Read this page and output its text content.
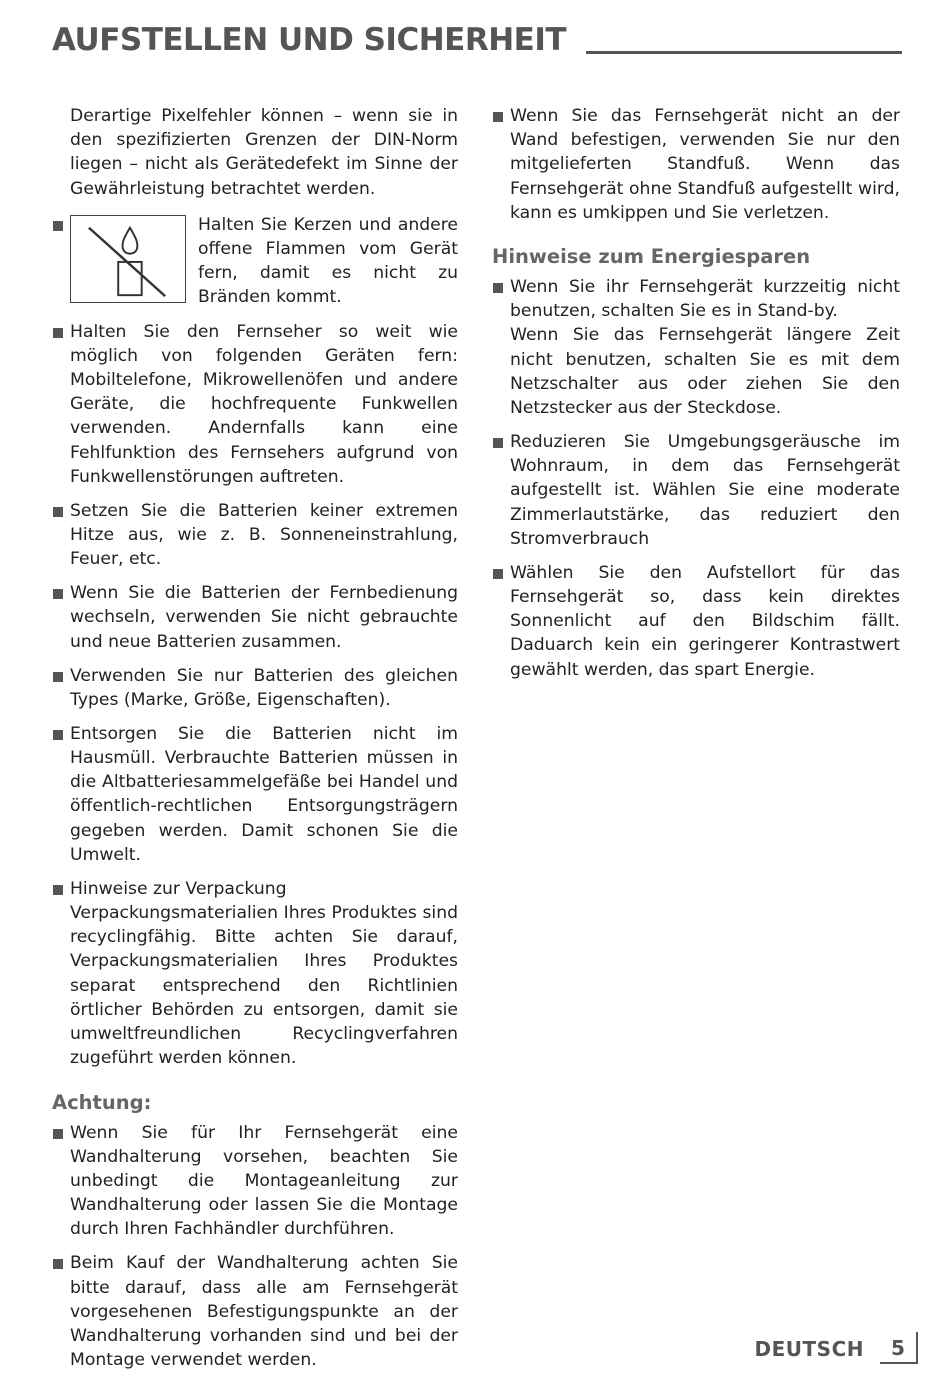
AUFSTELLEN UND SICHERHEIT

Derartige Pixelfehler können – wenn sie in den spezifizierten Grenzen der DIN-Norm liegen – nicht als Gerätedefekt im Sinne der Gewährleistung betrachtet werden.

Halten Sie Kerzen und andere offene Flammen vom Gerät fern, damit es nicht zu Bränden kommt.
Halten Sie den Fernseher so weit wie möglich von folgenden Geräten fern: Mobiltelefone, Mikrowellenöfen und andere Geräte, die hochfrequente Funkwellen verwenden. Andernfalls kann eine Fehlfunktion des Fernsehers aufgrund von Funkwellenstörungen auftreten.
Setzen Sie die Batterien keiner extremen Hitze aus, wie z. B. Sonneneinstrahlung, Feuer, etc.
Wenn Sie die Batterien der Fernbedienung wechseln, verwenden Sie nicht gebrauchte und neue Batterien zusammen.
Verwenden Sie nur Batterien des gleichen Types (Marke, Größe, Eigenschaften).
Entsorgen Sie die Batterien nicht im Hausmüll. Verbrauchte Batterien müssen in die Altbatteriesammelgefäße bei Handel und öffentlich-rechtlichen Entsorgungsträgern gegeben werden. Damit schonen Sie die Umwelt.
Hinweise zur Verpackung
Verpackungsmaterialien Ihres Produktes sind recyclingfähig. Bitte achten Sie darauf, Verpackungsmaterialien Ihres Produktes separat entsprechend den Richtlinien örtlicher Behörden zu entsorgen, damit sie umweltfreundlichen Recyclingverfahren zugeführt werden können.
Achtung:
Wenn Sie für Ihr Fernsehgerät eine Wandhalterung vorsehen, beachten Sie unbedingt die Montageanleitung zur Wandhalterung oder lassen Sie die Montage durch Ihren Fachhändler durchführen.
Beim Kauf der Wandhalterung achten Sie bitte darauf, dass alle am Fernsehgerät vorgesehenen Befestigungspunkte an der Wandhalterung vorhanden sind und bei der Montage verwendet werden.
Wenn Sie das Fernsehgerät nicht an der Wand befestigen, verwenden Sie nur den mitgelieferten Standfuß. Wenn das Fernsehgerät ohne Standfuß aufgestellt wird, kann es umkippen und Sie verletzen.
Hinweise zum Energiesparen
Wenn Sie ihr Fernsehgerät kurzzeitig nicht benutzen, schalten Sie es in Stand-by.
Wenn Sie das Fernsehgerät längere Zeit nicht benutzen, schalten Sie es mit dem Netzschalter aus oder ziehen Sie den Netzstecker aus der Steckdose.
Reduzieren Sie Umgebungsgeräusche im Wohnraum, in dem das Fernsehgerät aufgestellt ist. Wählen Sie eine moderate Zimmerlautstärke, das reduziert den Stromverbrauch
Wählen Sie den Aufstellort für das Fernsehgerät so, dass kein direktes Sonnenlicht auf den Bildschim fällt. Daduarch kein ein geringerer Kontrastwert gewählt werden, das spart Energie.
DEUTSCH	5
